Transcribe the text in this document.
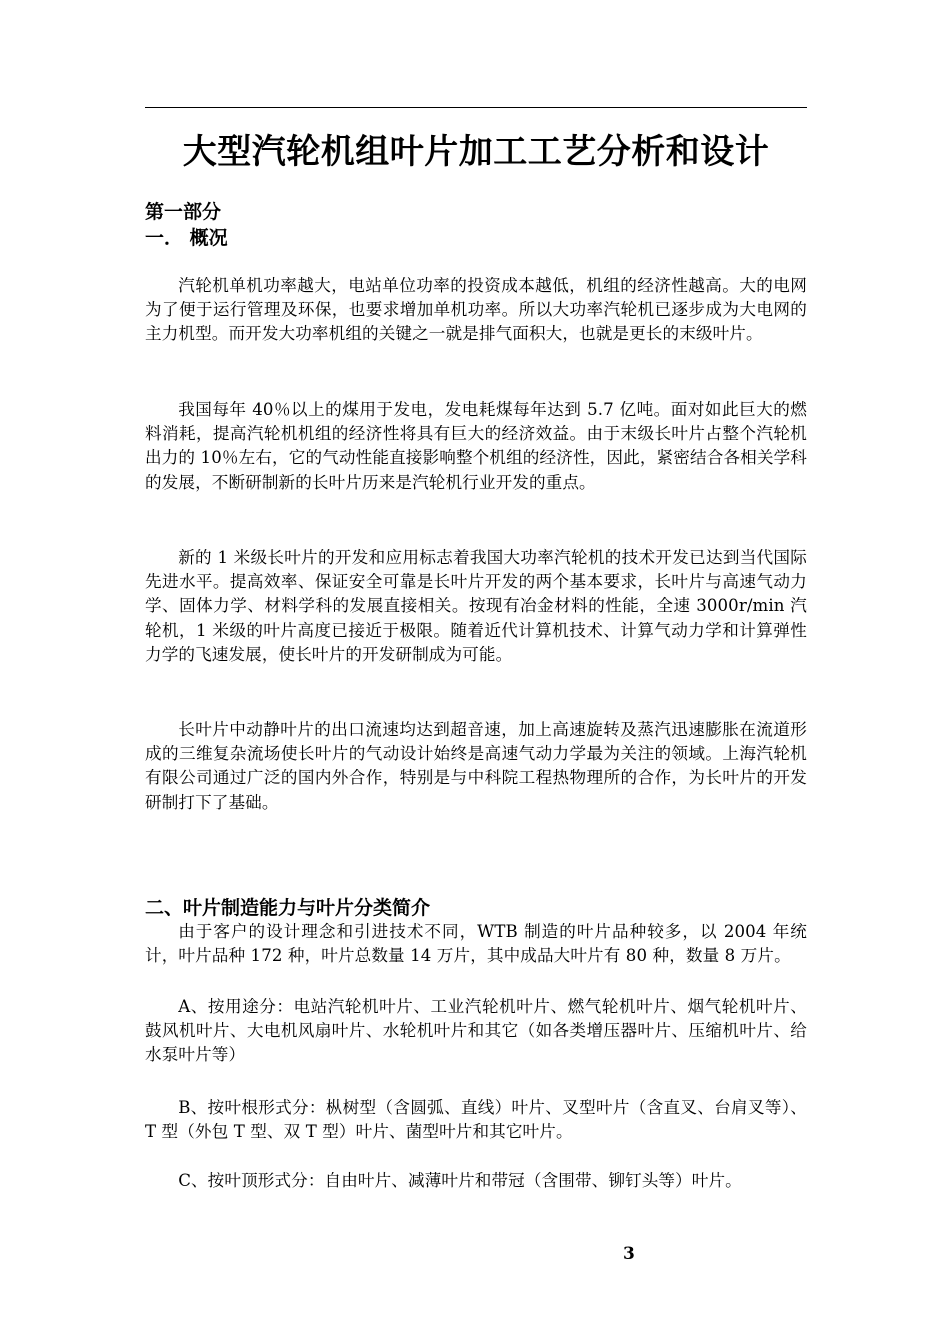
大型汽轮机组叶片加工工艺分析和设计
第一部分
一． 概况

汽轮机单机功率越大，电站单位功率的投资成本越低，机组的经济性越高。大的电网为了便于运行管理及环保，也要求增加单机功率。所以大功率汽轮机已逐步成为大电网的主力机型。而开发大功率机组的关键之一就是排气面积大，也就是更长的末级叶片。

我国每年 40％以上的煤用于发电，发电耗煤每年达到 5.7 亿吨。面对如此巨大的燃料消耗，提高汽轮机机组的经济性将具有巨大的经济效益。由于末级长叶片占整个汽轮机出力的 10％左右，它的气动性能直接影响整个机组的经济性，因此，紧密结合各相关学科的发展，不断研制新的长叶片历来是汽轮机行业开发的重点。

新的 1 米级长叶片的开发和应用标志着我国大功率汽轮机的技术开发已达到当代国际先进水平。提高效率、保证安全可靠是长叶片开发的两个基本要求，长叶片与高速气动力学、固体力学、材料学科的发展直接相关。按现有冶金材料的性能，全速 3000r/min 汽轮机，1 米级的叶片高度已接近于极限。随着近代计算机技术、计算气动力学和计算弹性力学的飞速发展，使长叶片的开发研制成为可能。

长叶片中动静叶片的出口流速均达到超音速，加上高速旋转及蒸汽迅速膨胀在流道形成的三维复杂流场使长叶片的气动设计始终是高速气动力学最为关注的领域。上海汽轮机有限公司通过广泛的国内外合作，特别是与中科院工程热物理所的合作，为长叶片的开发研制打下了基础。

二、叶片制造能力与叶片分类简介

由于客户的设计理念和引进技术不同，WTB 制造的叶片品种较多，以 2004 年统计，叶片品种 172 种，叶片总数量 14 万片，其中成品大叶片有 80 种，数量 8 万片。

A、按用途分：电站汽轮机叶片、工业汽轮机叶片、燃气轮机叶片、烟气轮机叶片、鼓风机叶片、大电机风扇叶片、水轮机叶片和其它（如各类增压器叶片、压缩机叶片、给水泵叶片等）

B、按叶根形式分：枞树型（含圆弧、直线）叶片、叉型叶片（含直叉、台肩叉等）、T 型（外包 T 型、双 T 型）叶片、菌型叶片和其它叶片。

C、按叶顶形式分：自由叶片、减薄叶片和带冠（含围带、铆钉头等）叶片。

3
